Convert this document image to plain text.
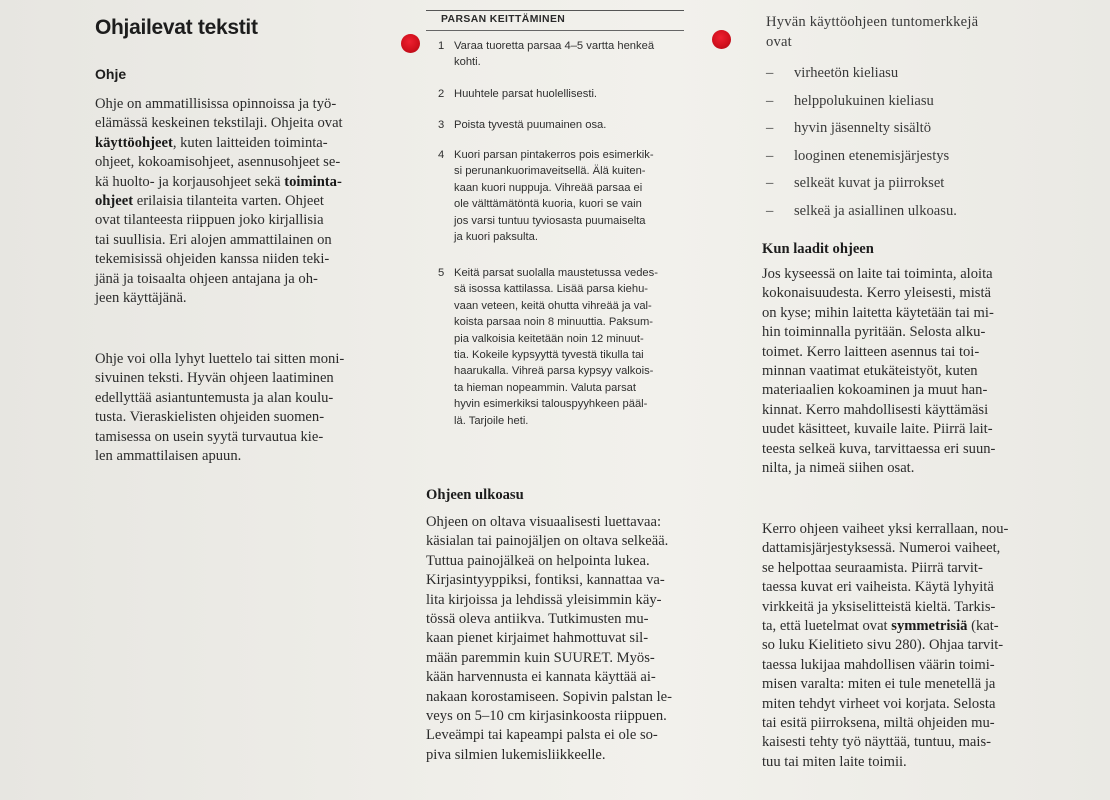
Ohjailevat tekstit
Ohje
Ohje on ammatillisissa opinnoissa ja työ-
elämässä keskeinen tekstilaji. Ohjeita ovat
käyttöohjeet, kuten laitteiden toiminta-
ohjeet, kokoamisohjeet, asennusohjeet se-
kä huolto- ja korjausohjeet sekä toiminta-
ohjeet erilaisia tilanteita varten. Ohjeet
ovat tilanteesta riippuen joko kirjallisia
tai suullisia. Eri alojen ammattilainen on
tekemisissä ohjeiden kanssa niiden teki-
jänä ja toisaalta ohjeen antajana ja oh-
jeen käyttäjänä.
Ohje voi olla lyhyt luettelo tai sitten moni-
sivuinen teksti. Hyvän ohjeen laatiminen
edellyttää asiantuntemusta ja alan koulu-
tusta. Vieraskielisten ohjeiden suomen-
tamisessa on usein syytä turvautua kie-
len ammattilaisen apuun.
PARSAN KEITTÄMINEN
1 Varaa tuoretta parsaa 4–5 vartta henkeä
kohti.
2 Huuhtele parsat huolellisesti.
3 Poista tyvestä puumainen osa.
4 Kuori parsan pintakerros pois esimerkik-
si perunankuorimaveitsellä. Älä kuiten-
kaan kuori nuppuja. Vihreää parsaa ei
ole välttämätöntä kuoria, kuori se vain
jos varsi tuntuu tyviosasta puumaiselta
ja kuori paksulta.
5 Keitä parsat suolalla maustetussa vedes-
sä isossa kattilassa. Lisää parsa kiehu-
vaan veteen, keitä ohutta vihreää ja val-
koista parsaa noin 8 minuuttia. Paksum-
pia valkoisia keitetään noin 12 minuut-
tia. Kokeile kypsyyttä tyvestä tikulla tai
haarukalla. Vihreä parsa kypsyy valkois-
ta hieman nopeammin. Valuta parsat
hyvin esimerkiksi talouspyyhkeen pääl-
lä. Tarjoile heti.
Ohjeen ulkoasu
Ohjeen on oltava visuaalisesti luettavaa:
käsialan tai painojäljen on oltava selkeää.
Tuttua painojälkeä on helpointa lukea.
Kirjasintyyppiksi, fontiksi, kannattaa va-
lita kirjoissa ja lehdissä yleisimmin käy-
tössä oleva antiikva. Tutkimusten mu-
kaan pienet kirjaimet hahmottuvat sil-
mään paremmin kuin SUURET. Myös-
kään harvennusta ei kannata käyttää ai-
nakaan korostamiseen. Sopivin palstan le-
veys on 5–10 cm kirjasinkoosta riippuen.
Leveämpi tai kapeampi palsta ei ole so-
piva silmien lukemisliikkeelle.
Hyvän käyttöohjeen tuntomerkkejä
ovat
– virheetön kieliasu
– helppolukuinen kieliasu
– hyvin jäsennelty sisältö
– looginen etenemisjärjestys
– selkeät kuvat ja piirrokset
– selkeä ja asiallinen ulkoasu.
Kun laadit ohjeen
Jos kyseessä on laite tai toiminta, aloita
kokonaisuudesta. Kerro yleisesti, mistä
on kyse; mihin laitetta käytetään tai mi-
hin toiminnalla pyritään. Selosta alku-
toimet. Kerro laitteen asennus tai toi-
minnan vaatimat etukäteistyöt, kuten
materiaalien kokoaminen ja muut han-
kinnat. Kerro mahdollisesti käyttämäsi
uudet käsitteet, kuvaile laite. Piirrä lait-
teesta selkeä kuva, tarvittaessa eri suun-
nilta, ja nimeä siihen osat.
Kerro ohjeen vaiheet yksi kerrallaan, nou-
dattamisjärjestyksessä. Numeroi vaiheet,
se helpottaa seuraamista. Piirrä tarvit-
taessa kuvat eri vaiheista. Käytä lyhyitä
virkkeitä ja yksiselitteistä kieltä. Tarkis-
ta, että luetelmat ovat symmetrisiä (kat-
so luku Kielitieto sivu 280). Ohjaa tarvit-
taessa lukijaa mahdollisen väärin toimi-
misen varalta: miten ei tule menetellä ja
miten tehdyt virheet voi korjata. Selosta
tai esitä piirroksena, miltä ohjeiden mu-
kaisesti tehty työ näyttää, tuntuu, mais-
tuu tai miten laite toimii.
